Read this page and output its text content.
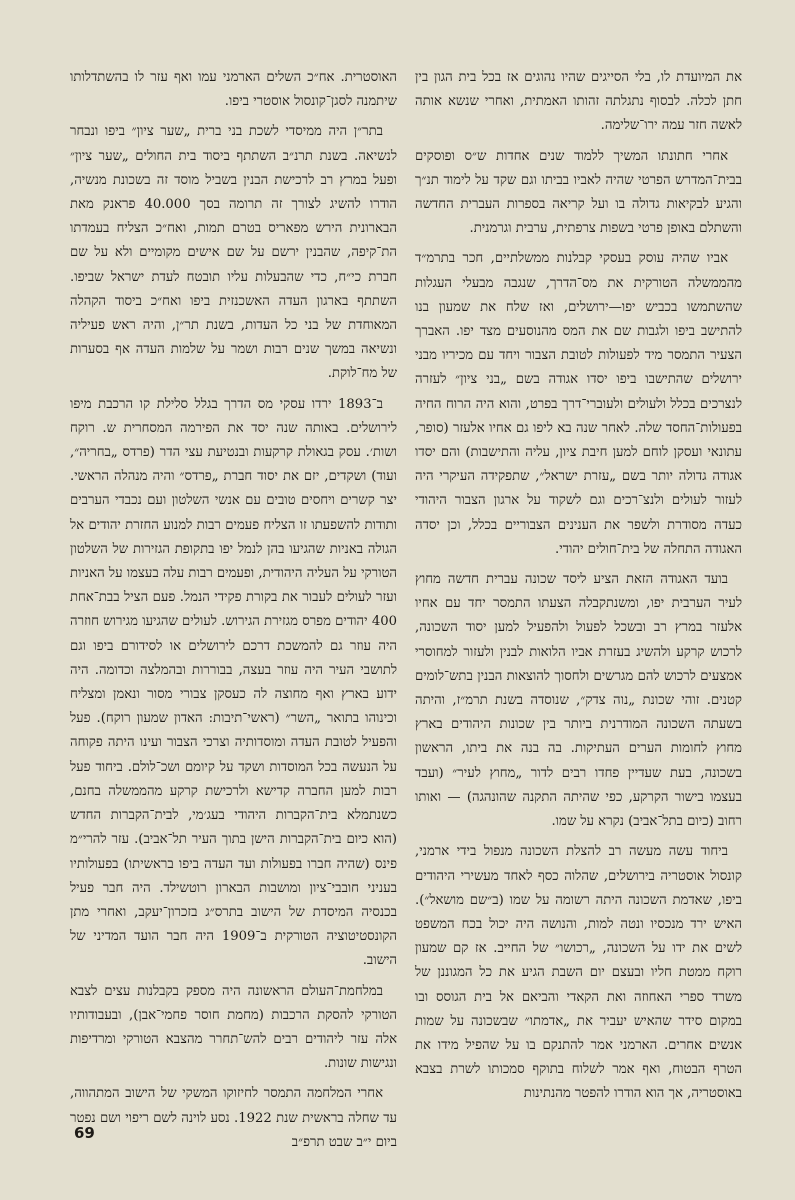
את המיועדת לו, בלי הסייגים שהיו נהוגים אז בכל בית הגון בין חתן לכלה. לבסוף נתגלתה זהותו האמתית, ואחרי שנשא אותה לאשה חזר עמה ירו־שלימה.

אחרי חתונתו המשיך ללמוד שנים אחדות ש״ס ופוסקים בבית־המדרש הפרטי שהיה לאביו בביתו וגם שקד על לימוד תנ״ך והגיע לבקיאות גדולה בו ועל קריאה בספרות העברית החדשה והשתלם באופן פרטי בשפות צרפתית, ערבית וגרמנית.

אביו שהיה עוסק בעסקי קבלנות ממשלתיים, חכר בתרמ״ד מהממשלה הטורקית את מס־הדרך, שנגבה מבעלי העגלות שהשתמשו בכביש יפו—ירושלים, ואז שלח את שמעון בנו להתישב ביפו ולגבות שם את המס מהנוסעים מצד יפו. האברך הצעיר התמסר מיד לפעולות לטובת הצבור ויחד עם מכיריו מבני ירושלים שהתישבו ביפו יסדו אגודה בשם „בני ציון״ לעזרה לנצרכים בכלל ולעולים ולעוברי־דרך בפרט, והוא היה הרוח החיה בפעולות־החסד שלה. לאחר שנה בא ליפו גם אחיו אלעזר (סופר, עתונאי ועסקן לוחם למען חיבת ציון, עליה והתישבות) והם יסדו אגודה גדולה יותר בשם „עזרת ישראל״, שתפקידה העיקרי היה לעזור לעולים ולנצ־רכים וגם לשקוד על ארגון הצבור היהודי כעדה מסודרת ולשפר את הענינים הצבוריים בכלל, וכן יסדה האגודה התחלה של בית־חולים יהודי.

בועד האגודה הזאת הציע ליסד שכונה עברית חדשה מחוץ לעיר הערבית יפו, ומשנתקבלה הצעתו התמסר יחד עם אחיו אלעזר במרץ רב ובשכל לפעול ולהפעיל למען יסוד השכונה, לרכוש קרקע ולהשיג בעזרת אביו הלואות לבנין ולעזור למחוסרי אמצעים לרכוש להם מגרשים ולחסוך להוצאות הבנין בתש־לומים קטנים. זוהי שכונת „נוה צדק״, שנוסדה בשנת תרמ״ז, והיתה בשעתה השכונה המודרנית ביותר בין שכונות היהודים בארץ מחוץ לחומות הערים העתיקות. בה בנה את ביתו, הראשון בשכונה, בעת שעדיין פחדו רבים לדור „מחוץ לעיר״ (ועבד בעצמו בישור הקרקע, כפי שהיתה התקנה שהונהגה) — ואותו רחוב (כיום בתל־אביב) נקרא על שמו.

ביחוד עשה מעשה רב להצלת השכונה מנפול בידי ארמני, קונסול אוסטריה בירושלים, שהלוה כסף לאחד מעשירי היהודים ביפו, שאדמת השכונה היתה רשומה על שמו (ב״שם מושאל״). האיש ירד מנכסיו ונטה למות, והנושה היה יכול בכח המשפט לשים את ידו על השכונה, „רכושו״ של החייב. אז קם שמעון רוקח ממטת חליו ובעצם יום השבת הגיע את כל המגוננן של משרד ספרי האחוזה ואת הקאדי והביאם אל בית הגוסס ובו במקום סידר שהאיש יעביר את „אדמתו״ שבשכונה על שמות אנשים אחרים. הארמני אמר להתנקם בו על שהפיל מידו את הטרף הבטוח, ואף אמר לשלוח בתוקף סמכותו לשרת בצבא באוסטריה, אך הוא הודרו להפטר מהנתינות

האוסטרית. אח״כ השלים הארמני עמו ואף עזר לו בהשתדלותו שיתמנה לסגן־קונסול אוסטרי ביפו.

בתר״ן היה ממיסדי לשכת בני ברית „שער ציון״ ביפו ונבחר לנשיאה. בשנת תרנ״ב השתתף ביסוד בית החולים „שער ציון״ ופעל במרץ רב לרכישת הבנין בשביל מוסד זה בשכונת מנשיה, הודרו להשיג לצורך זה תרומה בסך 40.000 פראנק מאת הבארונית הירש מפאריס בטרם תמות, ואח״כ הצליח בעמדתו הת־קיפה, שהבנין ירשם על שם אישים מקומיים ולא על שם חברת כי״ח, כדי שהבעלות עליו תובטח לעדת ישראל שביפו. השתתף בארגון העדה האשכנזית ביפו ואח״כ ביסוד הקהלה המאוחדת של בני כל העדות, בשנת תר״ן, והיה ראש פעיליה ונשיאה במשך שנים רבות ושמר על שלמות העדה אף בסערות של מח־לוקת.

ב־1893 ירדו עסקי מס הדרך בגלל סלילת קו הרכבת מיפו לירושלים. באותה שנה יסד את הפירמה המסחרית ש. רוקח ושות׳. עסק בגאולת קרקעות ובנטיעת עצי הדר (פרדס „בחריה״, ועוד) ושקדים, יזם את יסוד חברת „פרדס״ והיה מנהלה הראשי. יצר קשרים ויחסים טובים עם אנשי השלטון ועם נכבדי הערבים ותודות להשפעתו זו הצליח פעמים רבות למנוע החזרת יהודים אל הגולה באניות שהגיעו בהן לנמל יפו בתקופת הגזירות של השלטון הטורקי על העליה היהודית, ופעמים רבות עלה בעצמו על האניות ועזר לעולים לעבור את בקורת פקידי הנמל. פעם הציל בבת־אחת 400 יהודים מפרס מגזירת הגירוש. לעולים שהגיעו מגירוש חוזרה היה עוזר גם להמשכת דרכם לירושלים או לסידורם ביפו וגם לתושבי העיר היה עוזר בעצה, בבוררות ובהמלצה וכדומה. היה ידוע בארץ ואף מחוצה לה כעסקן צבורי מסור ונאמן ומצליח וכינוהו בתואר „השר״ (ראשי־תיבות: האדון שמעון רוקח). פעל והפעיל לטובת העדה ומוסדותיה וצרכי הצבור ועינו היתה פקוחה על הנעשה בכל המוסדות ושקד על קיומם ושכ־לולם. ביחוד פעל רבות למען החברה קדישא ולרכישת קרקע מהממשלה בחנם, כשנתמלא בית־הקברות היהודי בעג׳מי, לבית־הקברות החדש (הוא כיום בית־הקברות הישן בתוך העיר תל־אביב). עזר להרי״מ פינס (שהיה חברו בפעולות ועד העדה ביפו בראשיתו) בפעולותיו בעניני חובבי־ציון ומושבות הבארון רוטשילד. היה חבר פעיל בכנסיה המיסדת של הישוב בתרס״ג בזכרון־יעקב, ואחרי מתן הקונסטיטוציה הטורקית ב־1909 היה חבר הועד המדיני של הישוב.

במלחמת־העולם הראשונה היה מספק בקבלנות עצים לצבא הטורקי להסקת הרכבות (מחמת חוסר פחמי־אבן), ובעבודותיו אלה עזר ליהודים רבים להש־תחרר מהצבא הטורקי ומרדיפות ונגישות שונות.

אחרי המלחמה התמסר לחיזוקו המשקי של הישוב המתהווה, עד שחלה בראשית שנת 1922. נסע לוינה לשם ריפוי ושם נפטר ביום י״ב שבט תרפ״ב

69
